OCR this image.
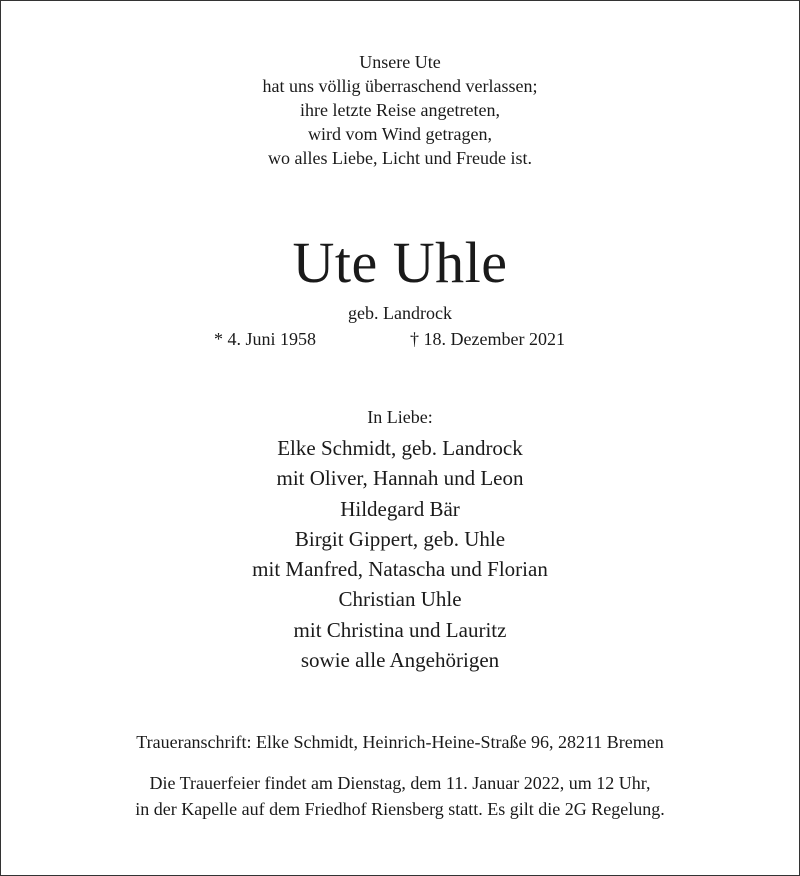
Unsere Ute
hat uns völlig überraschend verlassen;
ihre letzte Reise angetreten,
wird vom Wind getragen,
wo alles Liebe, Licht und Freude ist.
Ute Uhle
geb. Landrock
* 4. Juni 1958	† 18. Dezember 2021
In Liebe:
Elke Schmidt, geb. Landrock
mit Oliver, Hannah und Leon
Hildegard Bär
Birgit Gippert, geb. Uhle
mit Manfred, Natascha und Florian
Christian Uhle
mit Christina und Lauritz
sowie alle Angehörigen
Traueranschrift: Elke Schmidt, Heinrich-Heine-Straße 96, 28211 Bremen
Die Trauerfeier findet am Dienstag, dem 11. Januar 2022, um 12 Uhr,
in der Kapelle auf dem Friedhof Riensberg statt. Es gilt die 2G Regelung.
